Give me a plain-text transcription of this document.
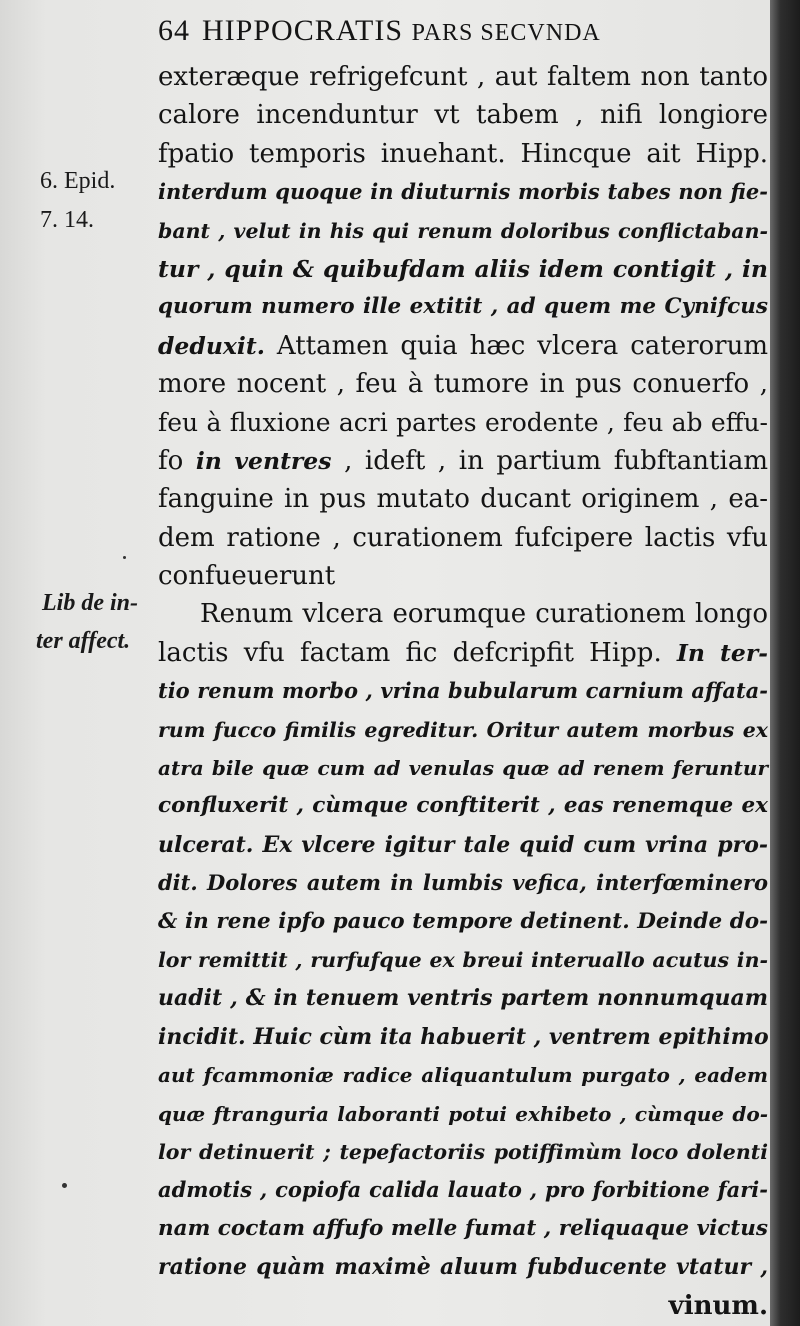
64 HIPPOCRATIS PARS SECVNDA
6. Epid.
7. 14.
Lib de in-
ter affect.
exteræque refrigefcunt , aut faltem non tanto
calore incenduntur vt tabem , nifi longiore
fpatio temporis inuehant. Hincque ait Hipp.
interdum quoque in diuturnis morbis tabes non fie-
bant , velut in his qui renum doloribus conflictaban-
tur , quin & quibufdam aliis idem contigit , in
quorum numero ille extitit , ad quem me Cynifcus
deduxit. Attamen quia hæc vlcera caterorum
more nocent , feu à tumore in pus conuerfo ,
feu à fluxione acri partes erodente , feu ab effu-
fo in ventres , ideft , in partium fubftantiam
fanguine in pus mutato ducant originem , ea-
dem ratione , curationem fufcipere lactis vfu
confueuerunt
Renum vlcera eorumque curationem longo
lactis vfu factam fic defcripfit Hipp. In ter-
tio renum morbo , vrina bubularum carnium affata-
rum fucco fimilis egreditur. Oritur autem morbus ex
atra bile quæ cum ad venulas quæ ad renem feruntur
confluxerit , cùmque conftiterit , eas renemque ex
ulcerat. Ex vlcere igitur tale quid cum vrina pro-
dit. Dolores autem in lumbis vefica, interfœminero
& in rene ipfo pauco tempore detinent. Deinde do-
lor remittit , rurfufque ex breui interuallo acutus in-
uadit , & in tenuem ventris partem nonnumquam
incidit. Huic cùm ita habuerit , ventrem epithimo
aut fcammoniæ radice aliquantulum purgato , eadem
quæ ftranguria laboranti potui exhibeto , cùmque do-
lor detinuerit ; tepefactoriis potiffimùm loco dolenti
admotis , copiofa calida lauato , pro forbitione fari-
nam coctam affufo melle fumat , reliquaque victus
ratione quàm maximè aluum fubducente vtatur ,
vinum.
